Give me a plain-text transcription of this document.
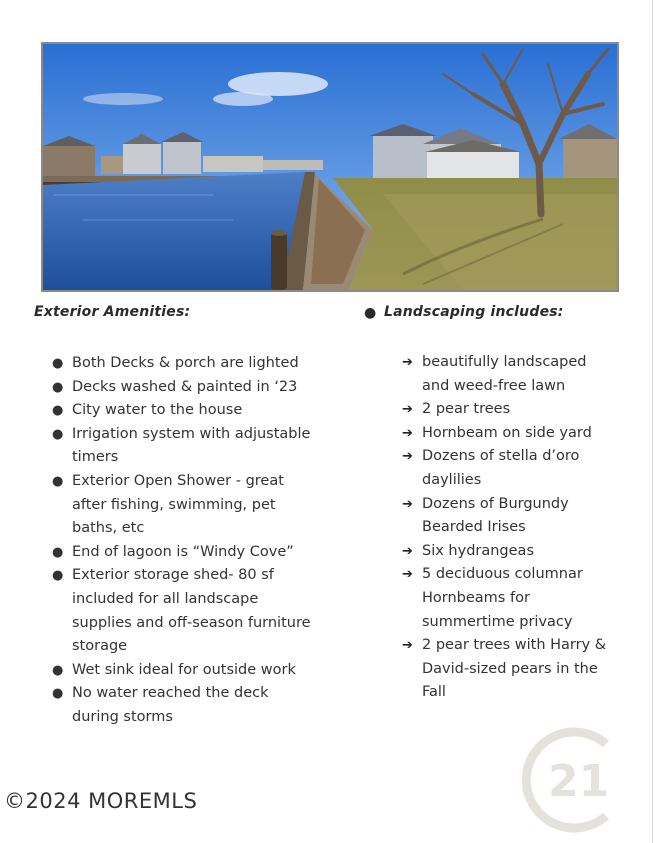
Exterior Amenities:	● Landscaping includes:
● Both Decks & porch are lighted
● Decks washed & painted in ‘23
● City water to the house
● Irrigation system with adjustable timers
● Exterior Open Shower - great after fishing, swimming, pet baths, etc
● End of lagoon is “Windy Cove”
● Exterior storage shed- 80 sf included for all landscape supplies and off-season furniture storage
● Wet sink ideal for outside work
● No water reached the deck during storms
➔ beautifully landscaped and weed-free lawn
➔ 2 pear trees
➔ Hornbeam on side yard
➔ Dozens of stella d’oro daylilies
➔ Dozens of Burgundy Bearded Irises
➔ Six hydrangeas
➔ 5 deciduous columnar Hornbeams for summertime privacy
➔ 2 pear trees with Harry & David-sized pears in the Fall
©2024 MOREMLS	21
